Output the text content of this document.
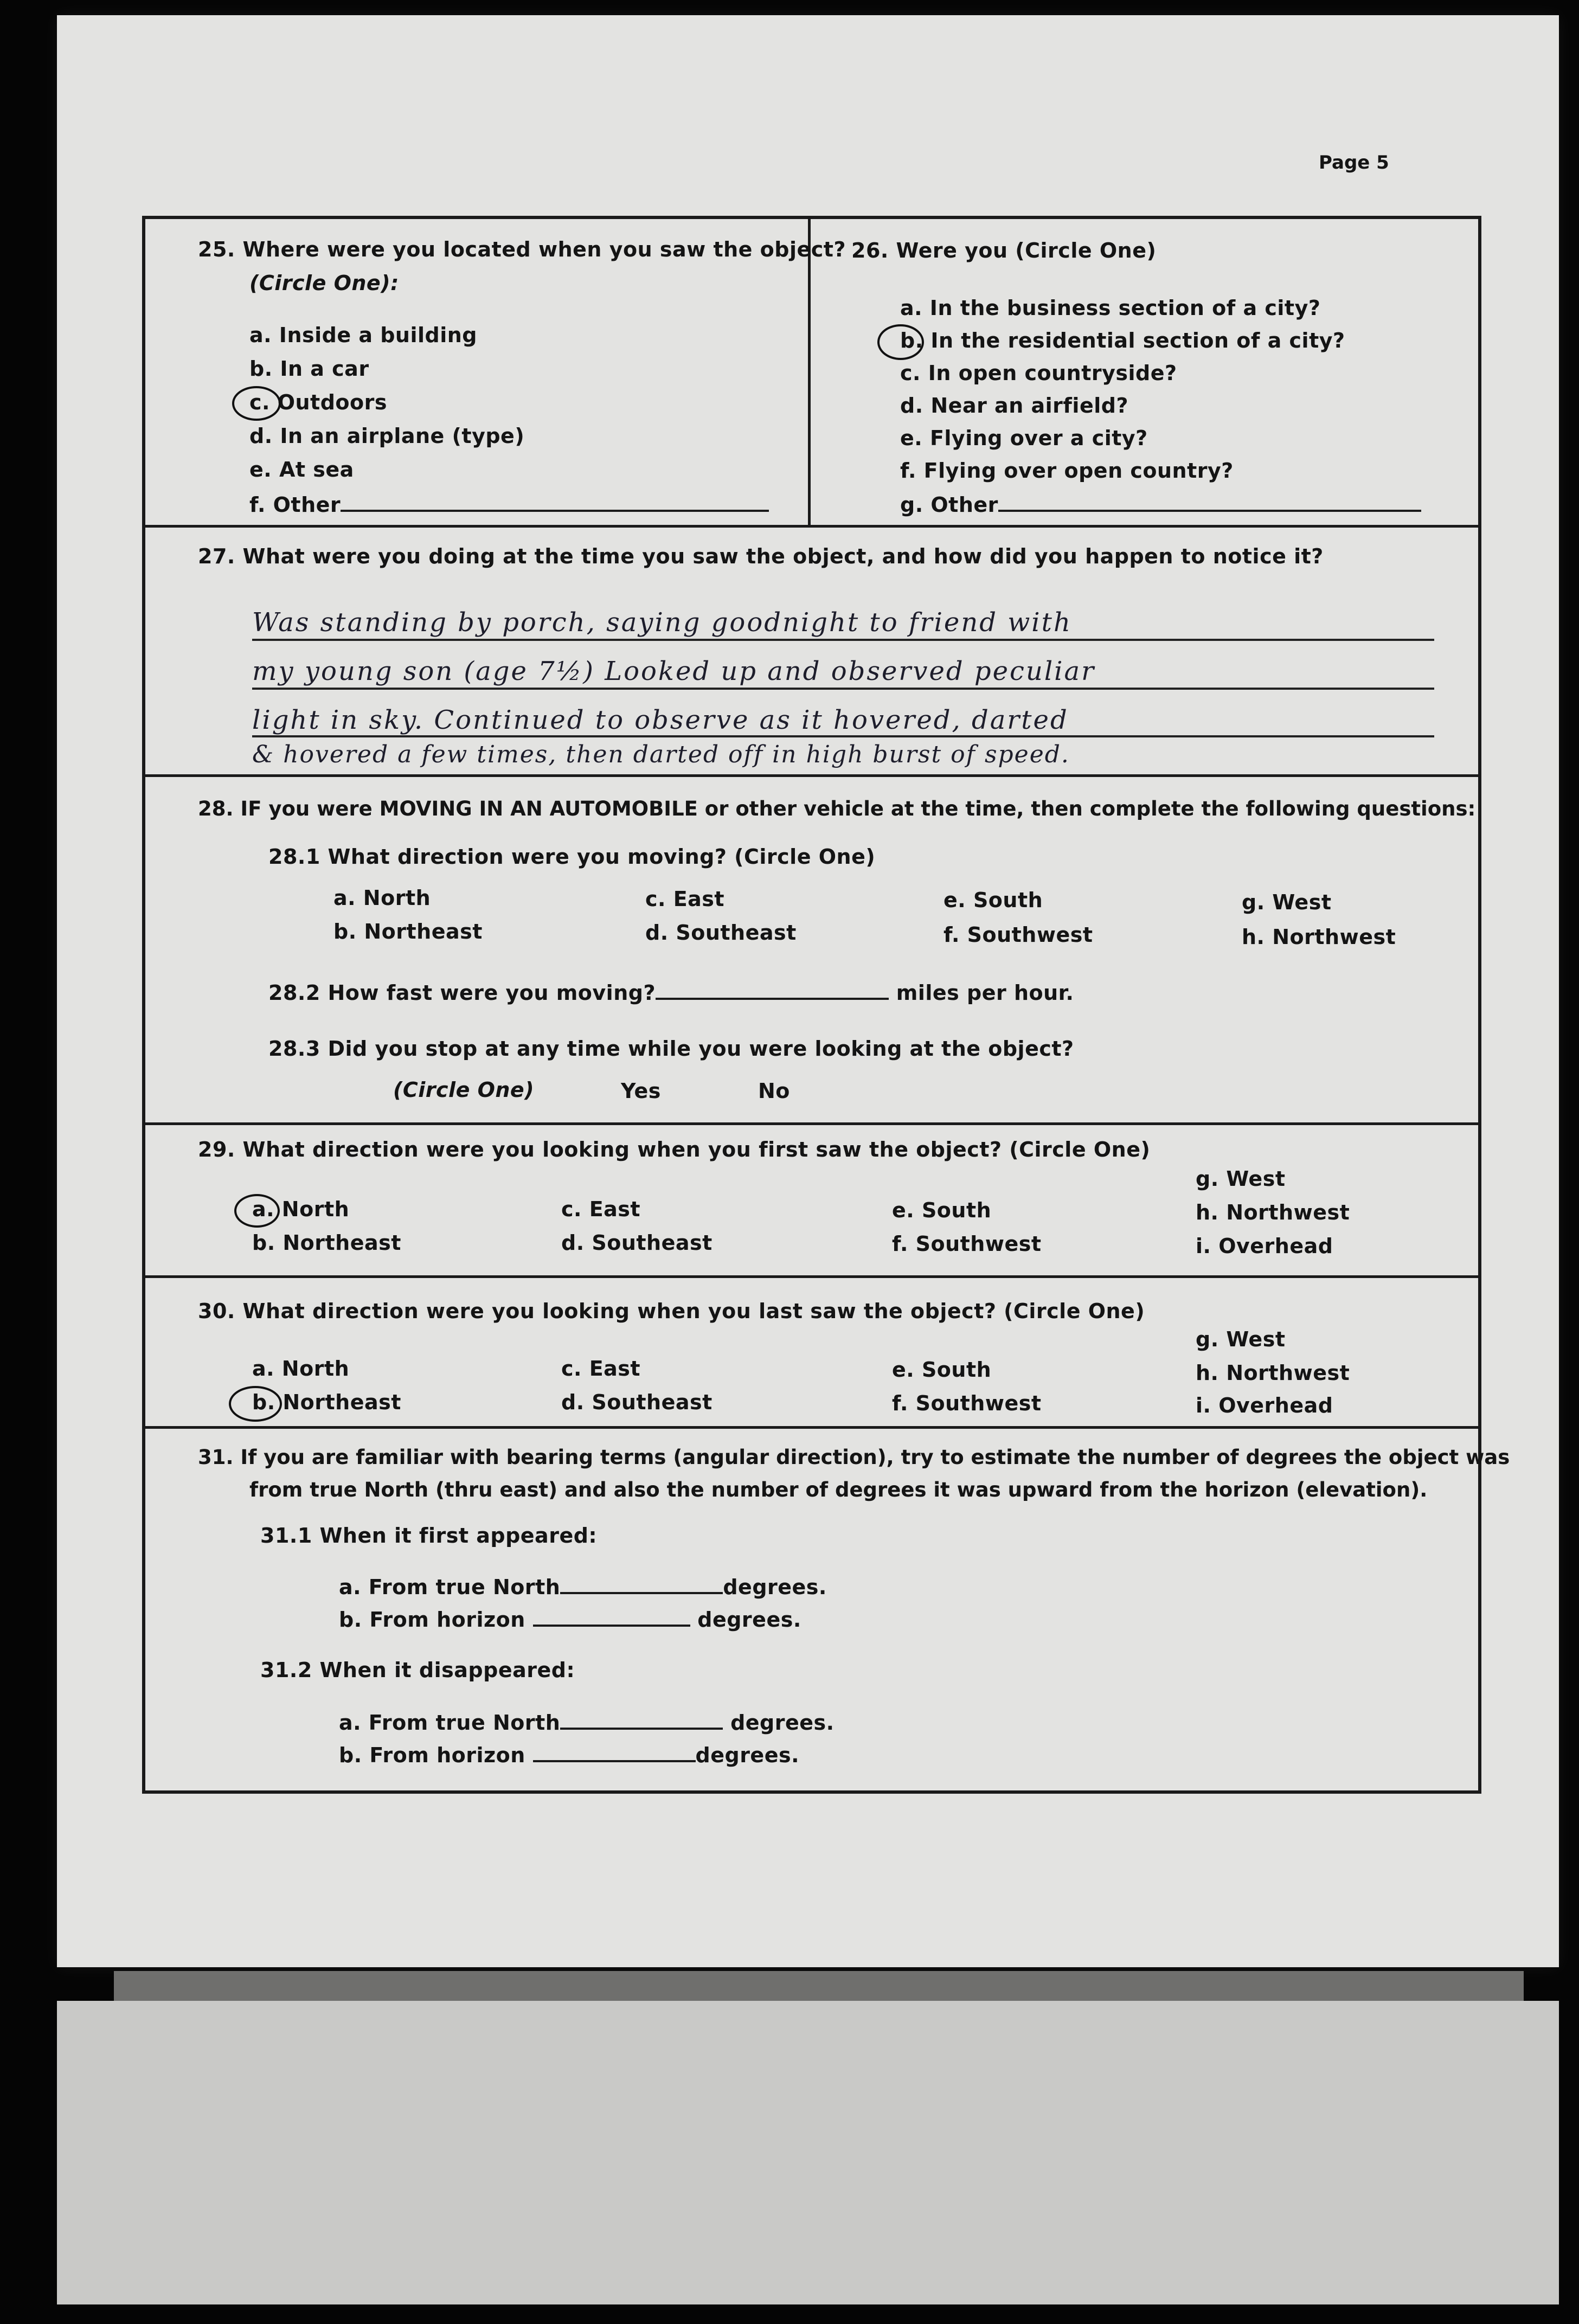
Page 5
25. Where were you located when you saw the object?
(Circle One):
a. Inside a building
b. In a car
c. Outdoors
d. In an airplane (type)
e. At sea
f. Other
26. Were you (Circle One)
a. In the business section of a city?
b. In the residential section of a city?
c. In open countryside?
d. Near an airfield?
e. Flying over a city?
f. Flying over open country?
g. Other
27. What were you doing at the time you saw the object, and how did you happen to notice it?
Was standing by porch, saying goodnight to friend with
my young son (age 7½) Looked up and observed peculiar
light in sky. Continued to observe as it hovered, darted
& hovered a few times, then darted off in high burst of speed.
28. IF you were MOVING IN AN AUTOMOBILE or other vehicle at the time, then complete the following questions:
28.1 What direction were you moving? (Circle One)
a. North	c. East	e. South	g. West
b. Northeast	d. Southeast	f. Southwest	h. Northwest
28.2 How fast were you moving?	miles per hour.
28.3 Did you stop at any time while you were looking at the object?
(Circle One)	Yes	No
29. What direction were you looking when you first saw the object? (Circle One)
g. West
a. North	c. East	e. South	h. Northwest
b. Northeast	d. Southeast	f. Southwest	i. Overhead
30. What direction were you looking when you last saw the object? (Circle One)
g. West
a. North	c. East	e. South	h. Northwest
b. Northeast	d. Southeast	f. Southwest	i. Overhead
31. If you are familiar with bearing terms (angular direction), try to estimate the number of degrees the object was
from true North (thru east) and also the number of degrees it was upward from the horizon (elevation).
31.1 When it first appeared:
a. From true North	degrees.
b. From horizon	degrees.
31.2 When it disappeared:
a. From true North	degrees.
b. From horizon	degrees.
